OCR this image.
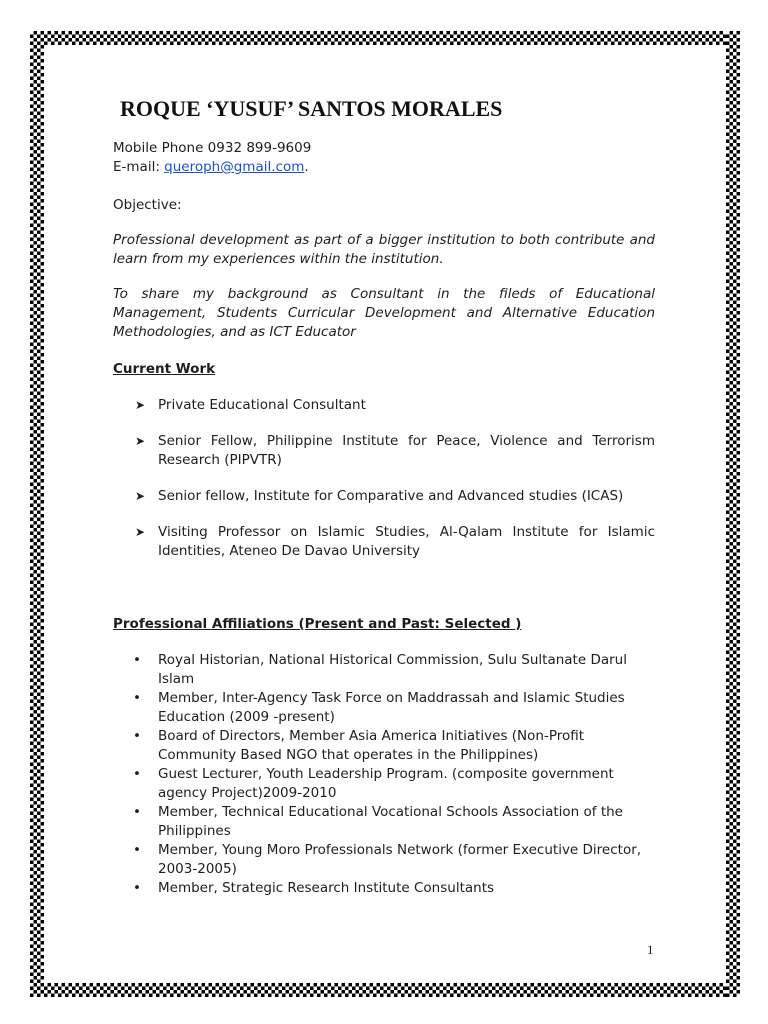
ROQUE ‘YUSUF’ SANTOS MORALES

Mobile Phone 0932 899-9609

E-mail: queroph@gmail.com.

Objective:

Professional development as part of a bigger institution to both contribute and learn from my experiences within the institution.

To share my background as Consultant in the fileds of Educational Management, Students Curricular Development and Alternative Education Methodologies, and as ICT Educator

Current Work

➤ Private Educational Consultant
➤ Senior Fellow, Philippine Institute for Peace, Violence and Terrorism Research (PIPVTR)
➤ Senior fellow, Institute for Comparative and Advanced studies (ICAS)
➤ Visiting Professor on Islamic Studies, Al-Qalam Institute for Islamic Identities, Ateneo De Davao University

Professional Affiliations (Present and Past: Selected )

• Royal Historian, National Historical Commission, Sulu Sultanate Darul Islam
• Member, Inter-Agency Task Force on Maddrassah and Islamic Studies Education (2009 -present)
• Board of Directors, Member Asia America Initiatives (Non-Profit Community Based NGO that operates in the Philippines)
• Guest Lecturer, Youth Leadership Program. (composite government agency Project)2009-2010
• Member, Technical Educational Vocational Schools Association of the Philippines
• Member, Young Moro Professionals Network (former Executive Director, 2003-2005)
• Member, Strategic Research Institute Consultants
1
